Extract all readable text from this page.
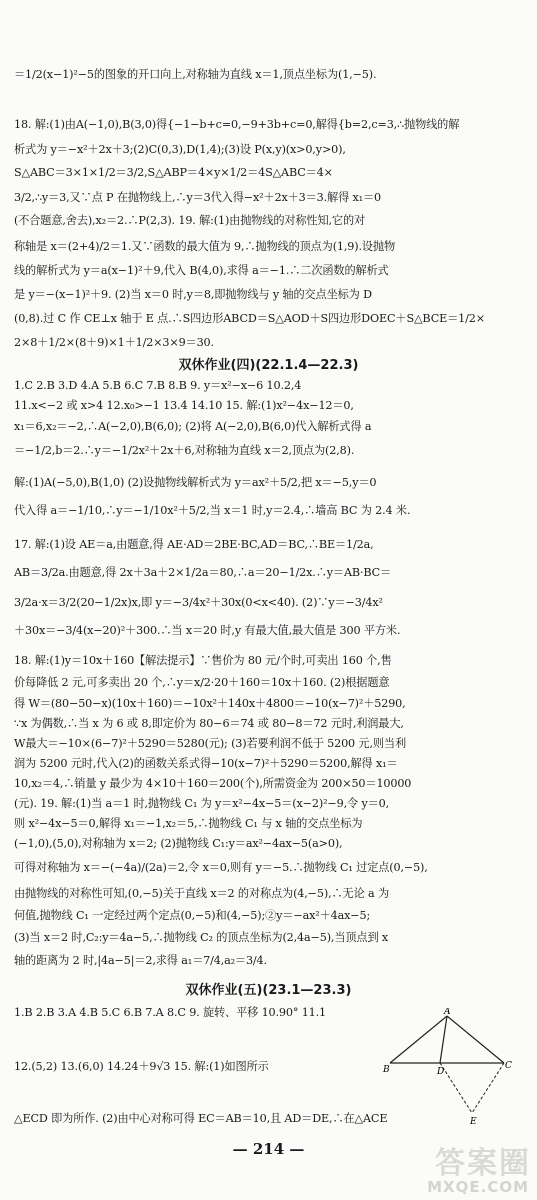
＝1/2(x−1)²−5的图象的开口向上,对称轴为直线 x＝1,顶点坐标为(1,−5).
18. 解:(1)由A(−1,0),B(3,0)得{−1−b+c=0,−9+3b+c=0,解得{b=2,c=3,∴抛物线的解
析式为 y＝−x²＋2x＋3;(2)C(0,3),D(1,4);(3)设 P(x,y)(x>0,y>0),
S△ABC＝3×1×1/2＝3/2,S△ABP＝4×y×1/2＝4S△ABC＝4×
3/2,∴y＝3,又∵点 P 在抛物线上,∴y＝3代入得−x²＋2x＋3＝3.解得 x₁＝0
(不合题意,舍去),x₂＝2.∴P(2,3). 19. 解:(1)由抛物线的对称性知,它的对
称轴是 x＝(2+4)/2＝1.又∵函数的最大值为 9,∴抛物线的顶点为(1,9).设抛物
线的解析式为 y＝a(x−1)²＋9,代入 B(4,0),求得 a＝−1.∴二次函数的解析式
是 y＝−(x−1)²＋9. (2)当 x＝0 时,y＝8,即抛物线与 y 轴的交点坐标为 D
(0,8).过 C 作 CE⊥x 轴于 E 点.∴S四边形ABCD＝S△AOD＋S四边形DOEC＋S△BCE＝1/2×
2×8＋1/2×(8＋9)×1＋1/2×3×9＝30.
双休作业(四)(22.1.4—22.3)
1.C 2.B 3.D 4.A 5.B 6.C 7.B 8.B 9. y＝x²−x−6 10.2,4
11.x<−2 或 x>4 12.x₀>−1 13.4 14.10 15. 解:(1)x²−4x−12＝0,
x₁＝6,x₂＝−2,∴A(−2,0),B(6,0); (2)将 A(−2,0),B(6,0)代入解析式得 a
＝−1/2,b＝2.∴y＝−1/2x²＋2x＋6,对称轴为直线 x＝2,顶点为(2,8).
解:(1)A(−5,0),B(1,0) (2)设抛物线解析式为 y＝ax²＋5/2,把 x＝−5,y＝0
代入得 a＝−1/10,∴y＝−1/10x²＋5/2,当 x＝1 时,y＝2.4,∴墙高 BC 为 2.4 米.
17. 解:(1)设 AE＝a,由题意,得 AE·AD＝2BE·BC,AD＝BC,∴BE＝1/2a,
AB＝3/2a.由题意,得 2x＋3a＋2×1/2a＝80,∴a＝20−1/2x.∴y＝AB·BC＝
3/2a·x＝3/2(20−1/2x)x,即 y＝−3/4x²＋30x(0<x<40). (2)∵y＝−3/4x²
＋30x＝−3/4(x−20)²＋300.∴当 x＝20 时,y 有最大值,最大值是 300 平方米.
18. 解:(1)y＝10x＋160【解法提示】∵售价为 80 元/个时,可卖出 160 个,售
价每降低 2 元,可多卖出 20 个,∴y＝x/2·20＋160＝10x＋160. (2)根据题意
得 W＝(80−50−x)(10x＋160)＝−10x²＋140x＋4800＝−10(x−7)²＋5290,
∵x 为偶数,∴当 x 为 6 或 8,即定价为 80−6＝74 或 80−8＝72 元时,利润最大,
W最大＝−10×(6−7)²＋5290＝5280(元); (3)若要利润不低于 5200 元,则当利
润为 5200 元时,代入(2)的函数关系式得−10(x−7)²＋5290＝5200,解得 x₁＝
10,x₂＝4,∴销量 y 最少为 4×10＋160＝200(个),所需资金为 200×50＝10000
(元). 19. 解:(1)当 a＝1 时,抛物线 C₁ 为 y＝x²−4x−5＝(x−2)²−9,令 y＝0,
则 x²−4x−5＝0,解得 x₁＝−1,x₂＝5,∴抛物线 C₁ 与 x 轴的交点坐标为
(−1,0),(5,0),对称轴为 x＝2; (2)抛物线 C₁:y＝ax²−4ax−5(a>0),
可得对称轴为 x＝−(−4a)/(2a)＝2,令 x＝0,则有 y＝−5.∴抛物线 C₁ 过定点(0,−5),
由抛物线的对称性可知,(0,−5)关于直线 x＝2 的对称点为(4,−5),∴无论 a 为
何值,抛物线 C₁ 一定经过两个定点(0,−5)和(4,−5);②y＝−ax²＋4ax−5;
(3)当 x＝2 时,C₂:y＝4a−5,∴抛物线 C₂ 的顶点坐标为(2,4a−5),当顶点到 x
轴的距离为 2 时,|4a−5|＝2,求得 a₁＝7/4,a₂＝3/4.
双休作业(五)(23.1—23.3)
1.B 2.B 3.A 4.B 5.C 6.B 7.A 8.C 9. 旋转、平移 10.90° 11.1
12.(5,2) 13.(6,0) 14.24＋9√3 15. 解:(1)如图所示
△ECD 即为所作. (2)由中心对称可得 EC＝AB＝10,且 AD＝DE,∴在△ACE
A
B	D
C
E
— 214 —	答案圈
MXQE.COM
